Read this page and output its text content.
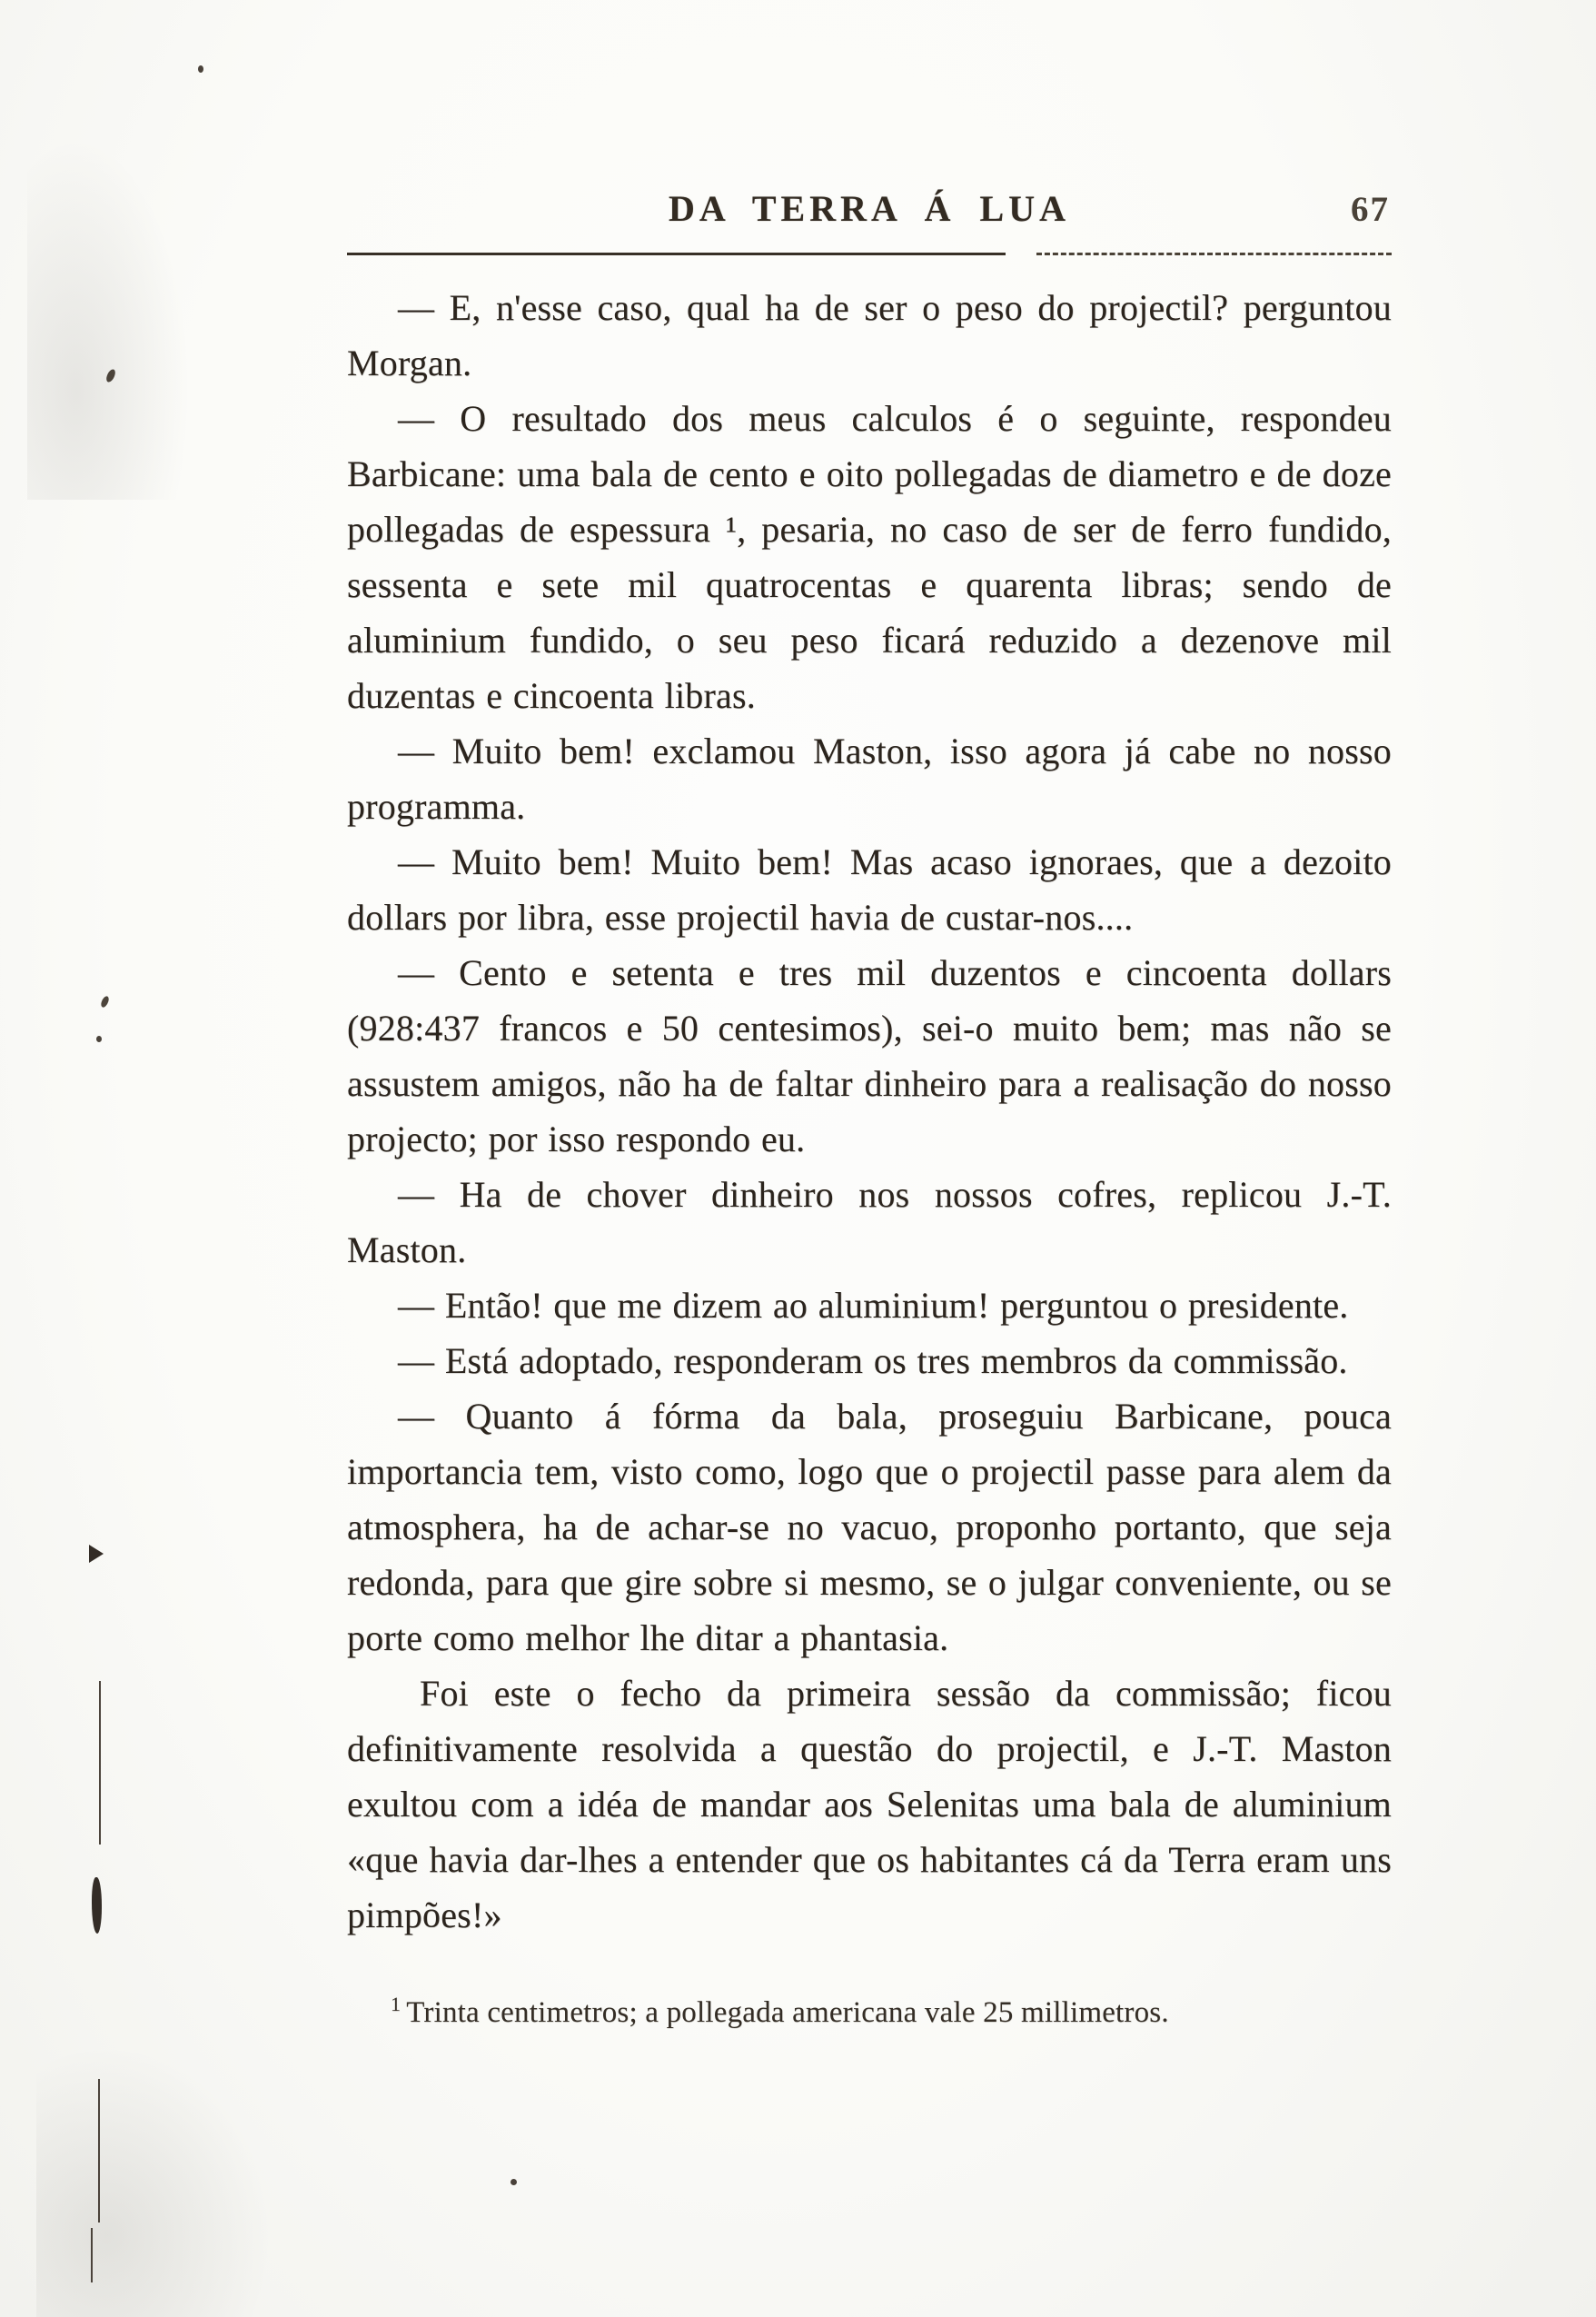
DA TERRA Á LUA	67

— E, n'esse caso, qual ha de ser o peso do projectil? perguntou Morgan.

— O resultado dos meus calculos é o seguinte, respondeu Barbicane: uma bala de cento e oito pollegadas de diametro e de doze pollegadas de espessura ¹, pesaria, no caso de ser de ferro fundido, sessenta e sete mil quatrocentas e quarenta libras; sendo de aluminium fundido, o seu peso ficará reduzido a dezenove mil duzentas e cincoenta libras.

— Muito bem! exclamou Maston, isso agora já cabe no nosso programma.

— Muito bem! Muito bem! Mas acaso ignoraes, que a dezoito dollars por libra, esse projectil havia de custar-nos....

— Cento e setenta e tres mil duzentos e cincoenta dollars (928:437 francos e 50 centesimos), sei-o muito bem; mas não se assustem amigos, não ha de faltar dinheiro para a realisação do nosso projecto; por isso respondo eu.

— Ha de chover dinheiro nos nossos cofres, replicou J.-T. Maston.

— Então! que me dizem ao aluminium! perguntou o presidente.

— Está adoptado, responderam os tres membros da commissão.

— Quanto á fórma da bala, proseguiu Barbicane, pouca importancia tem, visto como, logo que o projectil passe para alem da atmosphera, ha de achar-se no vacuo, proponho portanto, que seja redonda, para que gire sobre si mesmo, se o julgar conveniente, ou se porte como melhor lhe ditar a phantasia.

Foi este o fecho da primeira sessão da commissão; ficou definitivamente resolvida a questão do projectil, e J.-T. Maston exultou com a idéa de mandar aos Selenitas uma bala de aluminium «que havia dar-lhes a entender que os habitantes cá da Terra eram uns pimpões!»

$^1$ Trinta centimetros; a pollegada americana vale 25 millimetros.
